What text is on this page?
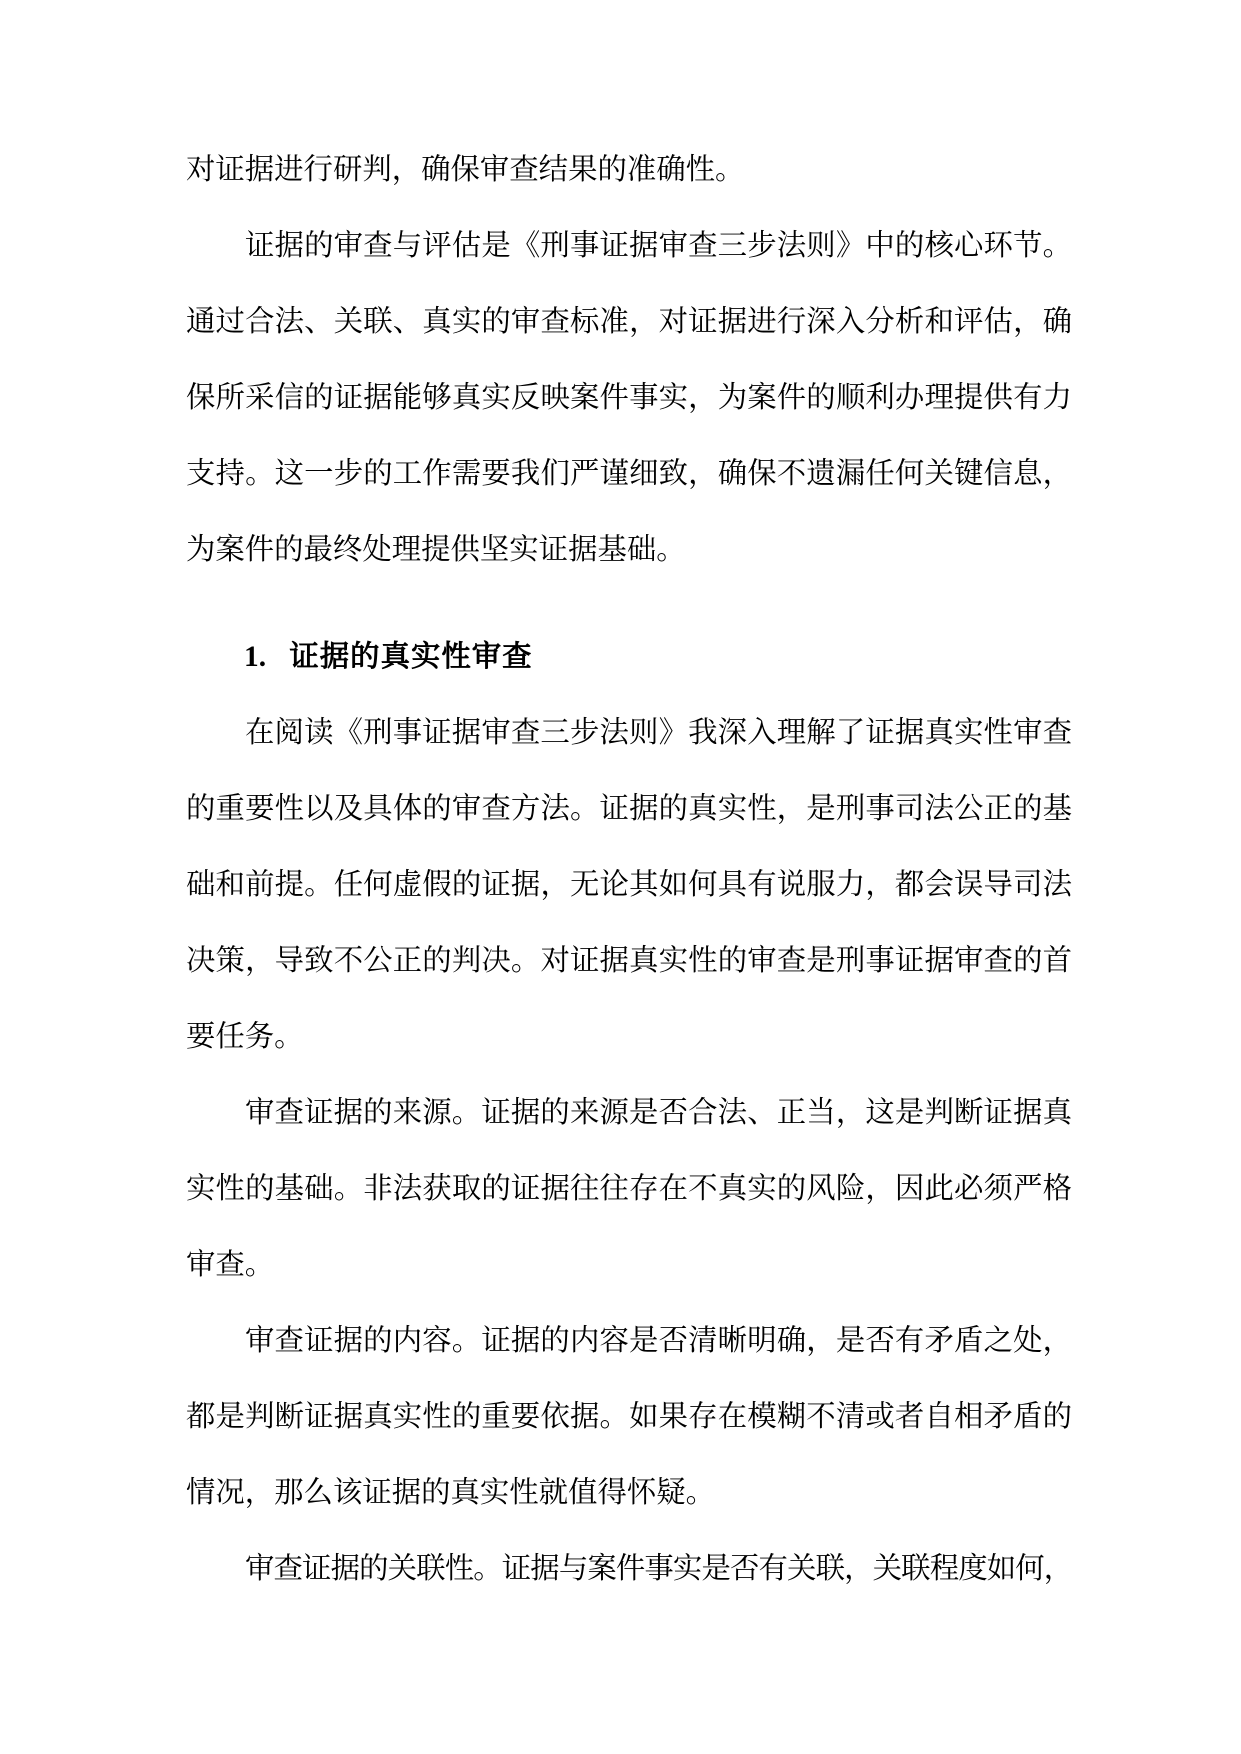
对证据进行研判，确保审查结果的准确性。
证据的审查与评估是《刑事证据审查三步法则》中的核心环节。
通过合法、关联、真实的审查标准，对证据进行深入分析和评估，确
保所采信的证据能够真实反映案件事实，为案件的顺利办理提供有力
支持。这一步的工作需要我们严谨细致，确保不遗漏任何关键信息，
为案件的最终处理提供坚实证据基础。
1. 证据的真实性审查
在阅读《刑事证据审查三步法则》我深入理解了证据真实性审查
的重要性以及具体的审查方法。证据的真实性，是刑事司法公正的基
础和前提。任何虚假的证据，无论其如何具有说服力，都会误导司法
决策，导致不公正的判决。对证据真实性的审查是刑事证据审查的首
要任务。
审查证据的来源。证据的来源是否合法、正当，这是判断证据真
实性的基础。非法获取的证据往往存在不真实的风险，因此必须严格
审查。
审查证据的内容。证据的内容是否清晰明确，是否有矛盾之处，
都是判断证据真实性的重要依据。如果存在模糊不清或者自相矛盾的
情况，那么该证据的真实性就值得怀疑。
审查证据的关联性。证据与案件事实是否有关联，关联程度如何，
